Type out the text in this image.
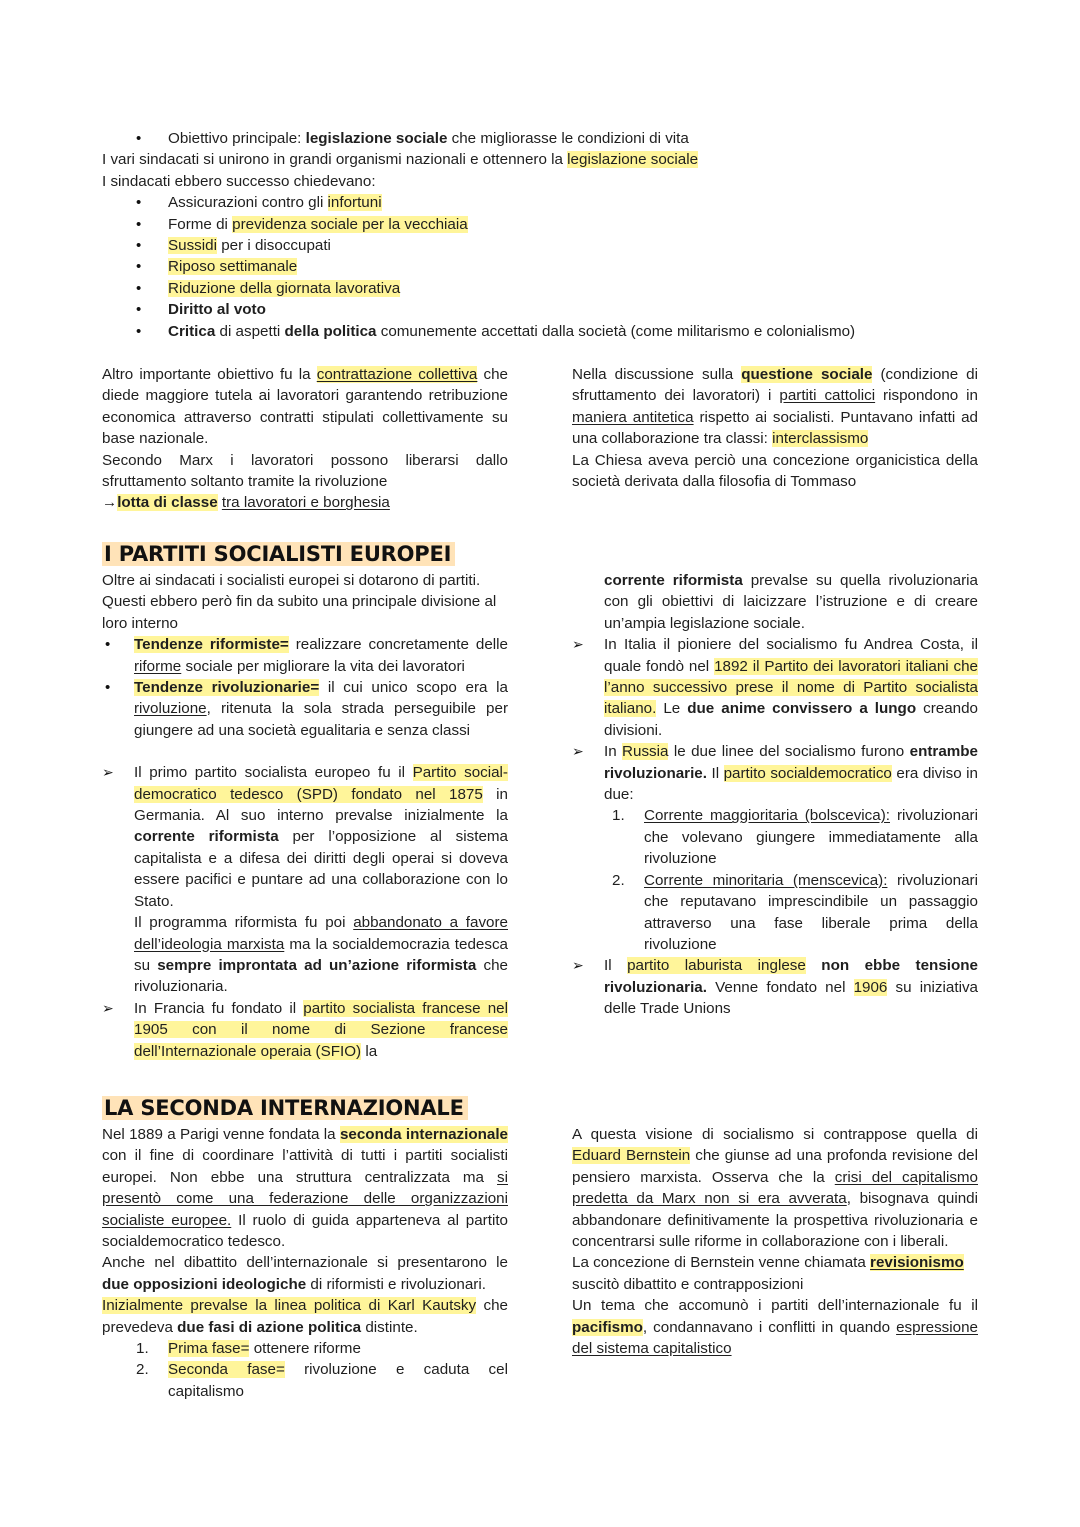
• Obiettivo principale: legislazione sociale che migliorasse le condizioni di vita

I vari sindacati si unirono in grandi organismi nazionali e ottennero la legislazione sociale

I sindacati ebbero successo chiedevano:

• Assicurazioni contro gli infortuni
• Forme di previdenza sociale per la vecchiaia
• Sussidi per i disoccupati
• Riposo settimanale
• Riduzione della giornata lavorativa
• Diritto al voto
• Critica di aspetti della politica comunemente accettati dalla società (come militarismo e colonialismo)

Altro importante obiettivo fu la contrattazione collettiva che diede maggiore tutela ai lavoratori garantendo retribuzione economica attraverso contratti stipulati collettivamente su base nazionale.

Secondo Marx i lavoratori possono liberarsi dallo sfruttamento soltanto tramite la rivoluzione

→lotta di classe tra lavoratori e borghesia

Nella discussione sulla questione sociale (condizione di sfruttamento dei lavoratori) i partiti cattolici rispondono in maniera antitetica rispetto ai socialisti. Puntavano infatti ad una collaborazione tra classi: interclassismo

La Chiesa aveva perciò una concezione organicistica della società derivata dalla filosofia di Tommaso

I PARTITI SOCIALISTI EUROPEI

Oltre ai sindacati i socialisti europei si dotarono di partiti. Questi ebbero però fin da subito una principale divisione al loro interno

• Tendenze riformiste= realizzare concretamente delle riforme sociale per migliorare la vita dei lavoratori
• Tendenze rivoluzionarie= il cui unico scopo era la rivoluzione, ritenuta la sola strada perseguibile per giungere ad una società egualitaria e senza classi

➢ Il primo partito socialista europeo fu il Partito social-democratico tedesco (SPD) fondato nel 1875 in Germania. Al suo interno prevalse inizialmente la corrente riformista per l’opposizione al sistema capitalista e a difesa dei diritti degli operai si doveva essere pacifici e puntare ad una collaborazione con lo Stato.

Il programma riformista fu poi abbandonato a favore dell’ideologia marxista ma la socialdemocrazia tedesca su sempre improntata ad un’azione riformista che rivoluzionaria.

➢ In Francia fu fondato il partito socialista francese nel 1905 con il nome di Sezione francese dell’Internazionale operaia (SFIO) la

corrente riformista prevalse su quella rivoluzionaria con gli obiettivi di laicizzare l’istruzione e di creare un’ampia legislazione sociale.

➢ In Italia il pioniere del socialismo fu Andrea Costa, il quale fondò nel 1892 il Partito dei lavoratori italiani che l’anno successivo prese il nome di Partito socialista italiano. Le due anime convissero a lungo creando divisioni.

➢ In Russia le due linee del socialismo furono entrambe rivoluzionarie. Il partito socialdemocratico era diviso in due:

1. Corrente maggioritaria (bolscevica): rivoluzionari che volevano giungere immediatamente alla rivoluzione
2. Corrente minoritaria (menscevica): rivoluzionari che reputavano imprescindibile un passaggio attraverso una fase liberale prima della rivoluzione
➢ Il partito laburista inglese non ebbe tensione rivoluzionaria. Venne fondato nel 1906 su iniziativa delle Trade Unions
LA SECONDA INTERNAZIONALE

Nel 1889 a Parigi venne fondata la seconda internazionale con il fine di coordinare l’attività di tutti i partiti socialisti europei. Non ebbe una struttura centralizzata ma si presentò come una federazione delle organizzazioni socialiste europee. Il ruolo di guida apparteneva al partito socialdemocratico tedesco.

Anche nel dibattito dell’internazionale si presentarono le due opposizioni ideologiche di riformisti e rivoluzionari.

Inizialmente prevalse la linea politica di Karl Kautsky che prevedeva due fasi di azione politica distinte.

1. Prima fase= ottenere riforme
2. Seconda fase= rivoluzione e caduta cel capitalismo

A questa visione di socialismo si contrappose quella di Eduard Bernstein che giunse ad una profonda revisione del pensiero marxista. Osserva che la crisi del capitalismo predetta da Marx non si era avverata, bisognava quindi abbandonare definitivamente la prospettiva rivoluzionaria e concentrarsi sulle riforme in collaborazione con i liberali.

La concezione di Bernstein venne chiamata revisionismo suscitò dibattito e contrapposizioni

Un tema che accomunò i partiti dell’internazionale fu il pacifismo, condannavano i conflitti in quando espressione del sistema capitalistico
